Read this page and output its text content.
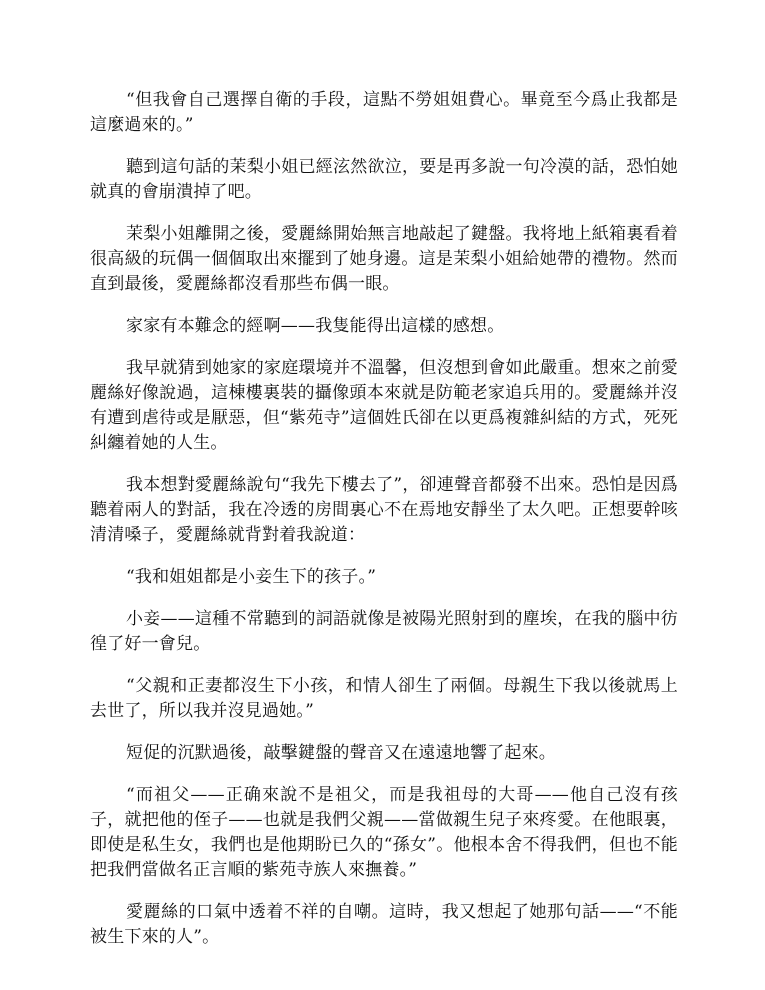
“但我會自己選擇自衛的手段，這點不勞姐姐費心。畢竟至今爲止我都是這麼過來的。”

聽到這句話的茉梨小姐已經泫然欲泣，要是再多說一句冷漠的話，恐怕她就真的會崩潰掉了吧。

茉梨小姐離開之後，愛麗絲開始無言地敲起了鍵盤。我将地上紙箱裏看着很高級的玩偶一個個取出來擺到了她身邊。這是茉梨小姐給她帶的禮物。然而直到最後，愛麗絲都沒看那些布偶一眼。

家家有本難念的經啊——我隻能得出這樣的感想。

我早就猜到她家的家庭環境并不溫馨，但沒想到會如此嚴重。想來之前愛麗絲好像說過，這棟樓裏裝的攝像頭本來就是防範老家追兵用的。愛麗絲并沒有遭到虐待或是厭惡，但“紫苑寺”這個姓氏卻在以更爲複雜糾結的方式，死死糾纏着她的人生。

我本想對愛麗絲說句“我先下樓去了”，卻連聲音都發不出來。恐怕是因爲聽着兩人的對話，我在冷透的房間裏心不在焉地安靜坐了太久吧。正想要幹咳清清嗓子，愛麗絲就背對着我說道：

“我和姐姐都是小妾生下的孩子。”

小妾——這種不常聽到的詞語就像是被陽光照射到的塵埃，在我的腦中彷徨了好一會兒。

“父親和正妻都沒生下小孩，和情人卻生了兩個。母親生下我以後就馬上去世了，所以我并沒見過她。”

短促的沉默過後，敲擊鍵盤的聲音又在遠遠地響了起來。

“而祖父——正确來說不是祖父，而是我祖母的大哥——他自己沒有孩子，就把他的侄子——也就是我們父親——當做親生兒子來疼愛。在他眼裏，即使是私生女，我們也是他期盼已久的“孫女”。他根本舍不得我們，但也不能把我們當做名正言順的紫苑寺族人來撫養。”

愛麗絲的口氣中透着不祥的自嘲。這時，我又想起了她那句話——“不能被生下來的人”。
